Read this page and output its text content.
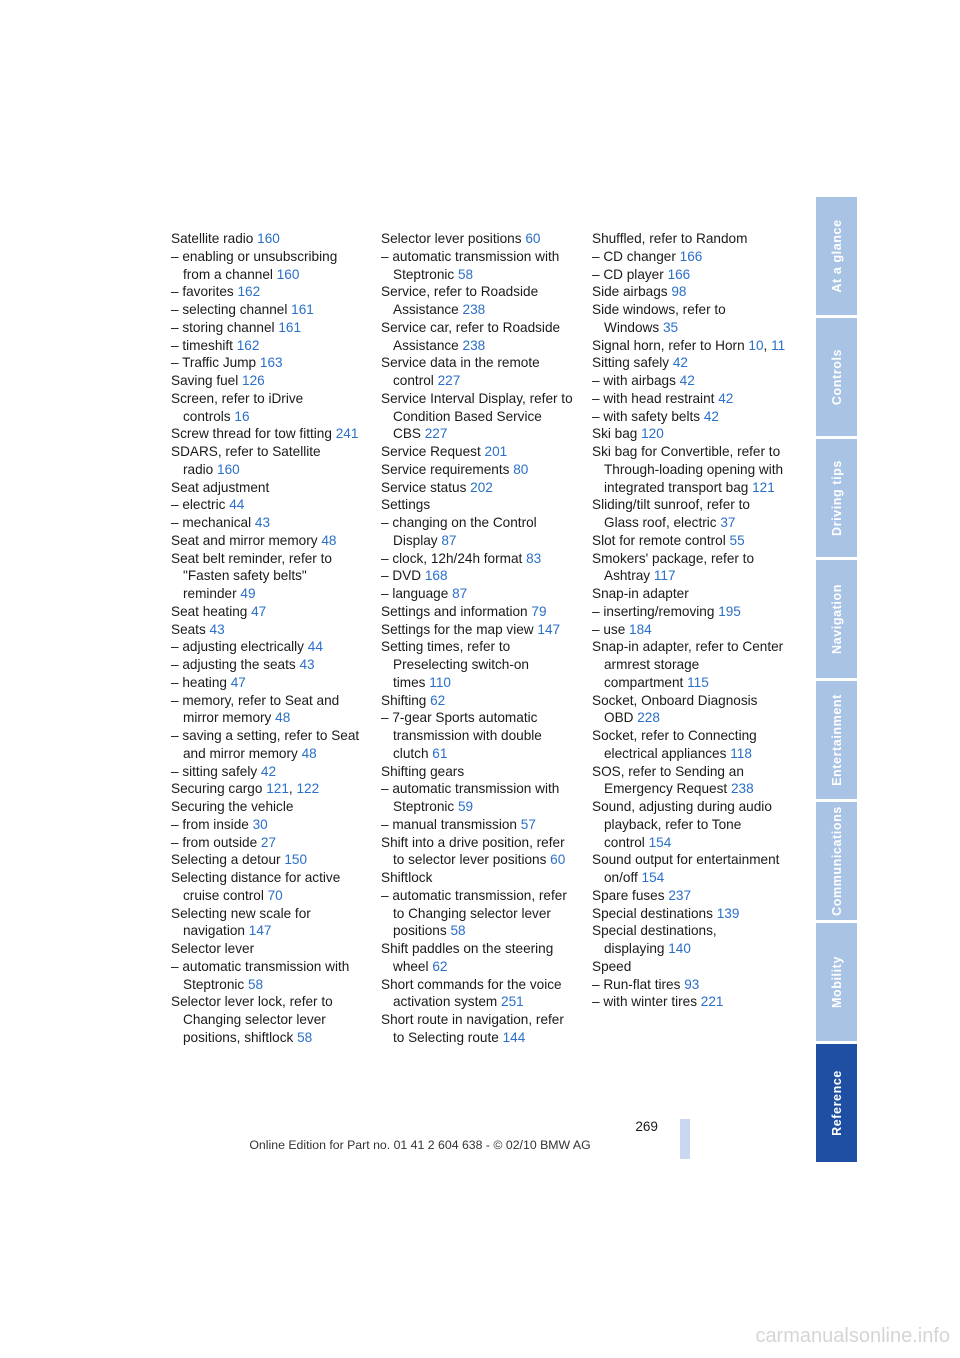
Satellite radio 160
– enabling or unsubscribing from a channel 160
– favorites 162
– selecting channel 161
– storing channel 161
– timeshift 162
– Traffic Jump 163
Saving fuel 126
Screen, refer to iDrive controls 16
Screw thread for tow fitting 241
SDARS, refer to Satellite radio 160
Seat adjustment
– electric 44
– mechanical 43
Seat and mirror memory 48
Seat belt reminder, refer to "Fasten safety belts" reminder 49
Seat heating 47
Seats 43
– adjusting electrically 44
– adjusting the seats 43
– heating 47
– memory, refer to Seat and mirror memory 48
– saving a setting, refer to Seat and mirror memory 48
– sitting safely 42
Securing cargo 121, 122
Securing the vehicle
– from inside 30
– from outside 27
Selecting a detour 150
Selecting distance for active cruise control 70
Selecting new scale for navigation 147
Selector lever
– automatic transmission with Steptronic 58
Selector lever lock, refer to Changing selector lever positions, shiftlock 58
Selector lever positions 60
– automatic transmission with Steptronic 58
Service, refer to Roadside Assistance 238
Service car, refer to Roadside Assistance 238
Service data in the remote control 227
Service Interval Display, refer to Condition Based Service CBS 227
Service Request 201
Service requirements 80
Service status 202
Settings
– changing on the Control Display 87
– clock, 12h/24h format 83
– DVD 168
– language 87
Settings and information 79
Settings for the map view 147
Setting times, refer to Preselecting switch-on times 110
Shifting 62
– 7-gear Sports automatic transmission with double clutch 61
Shifting gears
– automatic transmission with Steptronic 59
– manual transmission 57
Shift into a drive position, refer to selector lever positions 60
Shiftlock
– automatic transmission, refer to Changing selector lever positions 58
Shift paddles on the steering wheel 62
Short commands for the voice activation system 251
Short route in navigation, refer to Selecting route 144
Shuffled, refer to Random
– CD changer 166
– CD player 166
Side airbags 98
Side windows, refer to Windows 35
Signal horn, refer to Horn 10, 11
Sitting safely 42
– with airbags 42
– with head restraint 42
– with safety belts 42
Ski bag 120
Ski bag for Convertible, refer to Through-loading opening with integrated transport bag 121
Sliding/tilt sunroof, refer to Glass roof, electric 37
Slot for remote control 55
Smokers' package, refer to Ashtray 117
Snap-in adapter
– inserting/removing 195
– use 184
Snap-in adapter, refer to Center armrest storage compartment 115
Socket, Onboard Diagnosis OBD 228
Socket, refer to Connecting electrical appliances 118
SOS, refer to Sending an Emergency Request 238
Sound, adjusting during audio playback, refer to Tone control 154
Sound output for entertainment on/off 154
Spare fuses 237
Special destinations 139
Special destinations, displaying 140
Speed
– Run-flat tires 93
– with winter tires 221
At a glance
Controls
Driving tips
Navigation
Entertainment
Communications
Mobility
Reference
269
Online Edition for Part no. 01 41 2 604 638 - © 02/10 BMW AG
carmanualsonline.info
